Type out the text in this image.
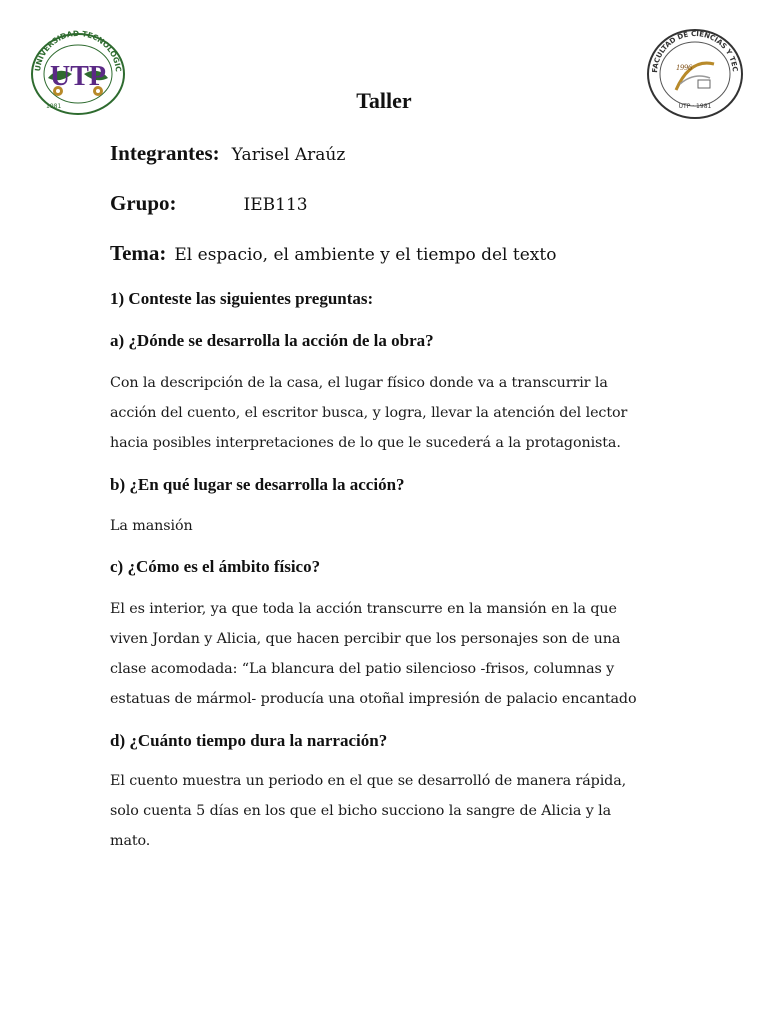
UNIVERSIDAD TECNOLÓGIC
UTP
1981
FACULTAD DE CIENCIAS Y TEC
1996
UTP · 1981
Taller
Integrantes: Yarisel Araúz
Grupo:	IEB113
Tema: El espacio, el ambiente y el tiempo del texto
1) Conteste las siguientes preguntas:
a) ¿Dónde se desarrolla la acción de la obra?
Con la descripción de la casa, el lugar físico donde va a transcurrir la
acción del cuento, el escritor busca, y logra, llevar la atención del lector
hacia posibles interpretaciones de lo que le sucederá a la protagonista.
b) ¿En qué lugar se desarrolla la acción?
La mansión
c) ¿Cómo es el ámbito físico?
El es interior, ya que toda la acción transcurre en la mansión en la que
viven Jordan y Alicia, que hacen percibir que los personajes son de una
clase acomodada: “La blancura del patio silencioso -frisos, columnas y
estatuas de mármol- producía una otoñal impresión de palacio encantado
d) ¿Cuánto tiempo dura la narración?
El cuento muestra un periodo en el que se desarrolló de manera rápida,
solo cuenta 5 días en los que el bicho succiono la sangre de Alicia y la
mato.
